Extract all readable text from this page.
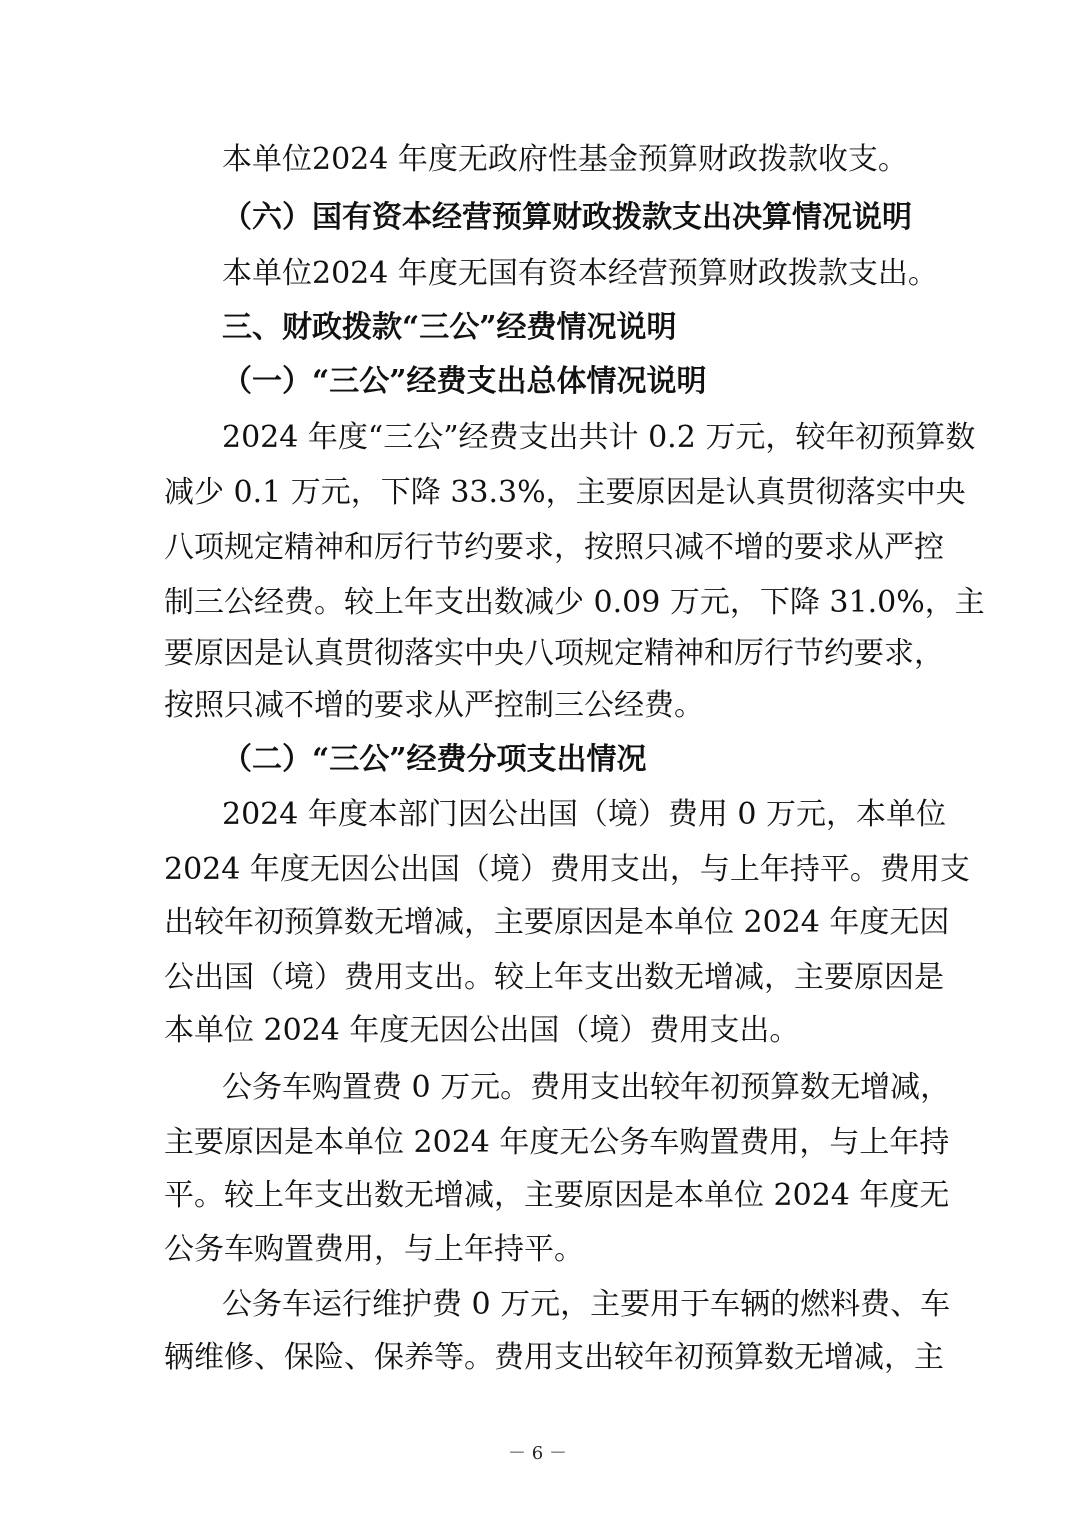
本单位2024 年度无政府性基金预算财政拨款收支。
（六）国有资本经营预算财政拨款支出决算情况说明
本单位2024 年度无国有资本经营预算财政拨款支出。
三、财政拨款“三公”经费情况说明
（一）“三公”经费支出总体情况说明
2024 年度“三公”经费支出共计 0.2 万元，较年初预算数
减少 0.1 万元，下降 33.3%，主要原因是认真贯彻落实中央
八项规定精神和厉行节约要求，按照只减不增的要求从严控
制三公经费。较上年支出数减少 0.09 万元，下降 31.0%，主
要原因是认真贯彻落实中央八项规定精神和厉行节约要求，
按照只减不增的要求从严控制三公经费。
（二）“三公”经费分项支出情况
2024 年度本部门因公出国（境）费用 0 万元，本单位
2024 年度无因公出国（境）费用支出，与上年持平。费用支
出较年初预算数无增减，主要原因是本单位 2024 年度无因
公出国（境）费用支出。较上年支出数无增减，主要原因是
本单位 2024 年度无因公出国（境）费用支出。
公务车购置费 0 万元。费用支出较年初预算数无增减，
主要原因是本单位 2024 年度无公务车购置费用，与上年持
平。较上年支出数无增减，主要原因是本单位 2024 年度无
公务车购置费用，与上年持平。
公务车运行维护费 0 万元，主要用于车辆的燃料费、车
辆维修、保险、保养等。费用支出较年初预算数无增减，主
－ 6 －
